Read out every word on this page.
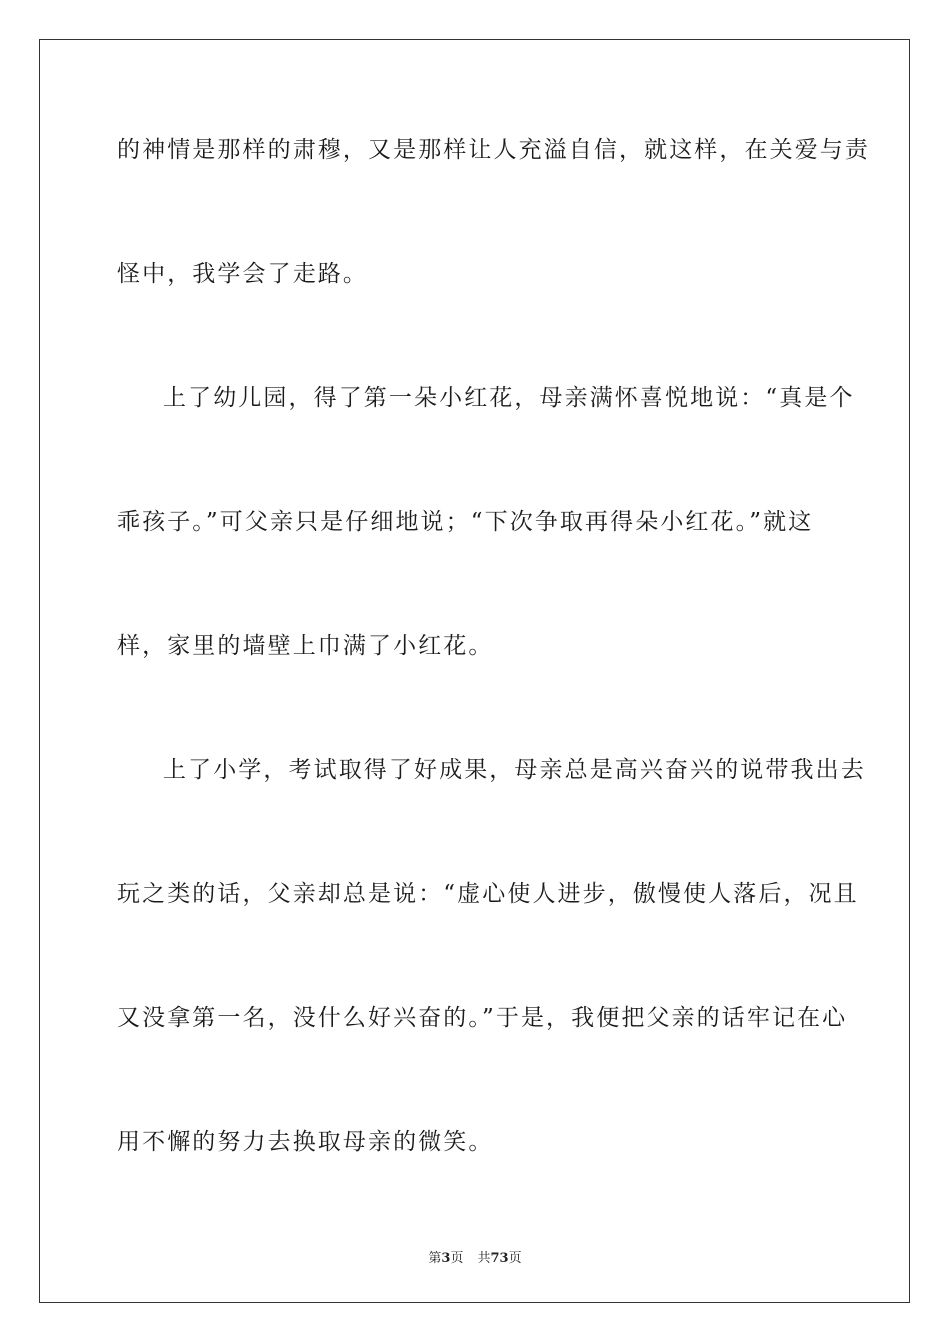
的神情是那样的肃穆，又是那样让人充溢自信，就这样，在关爱与责
怪中，我学会了走路。
上了幼儿园，得了第一朵小红花，母亲满怀喜悦地说：“真是个
乖孩子。”可父亲只是仔细地说；“下次争取再得朵小红花。”就这
样，家里的墙壁上巾满了小红花。
上了小学，考试取得了好成果，母亲总是高兴奋兴的说带我出去
玩之类的话，父亲却总是说：“虚心使人进步，傲慢使人落后，况且
又没拿第一名，没什么好兴奋的。”于是，我便把父亲的话牢记在心
用不懈的努力去换取母亲的微笑。
第3页 共73页
